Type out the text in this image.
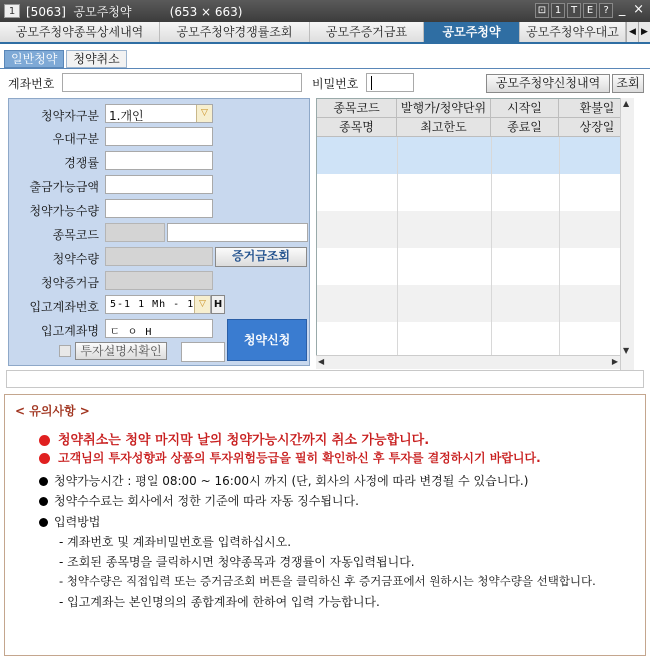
1 [5063]  공모주청약          (653 × 663)	⊡ 1 T E	? _ ×
공모주청약종목상세내역	공모주청약경쟁률조회	공모주증거금표	공모주청약	공모주청약우대고	◀ ▶
일반청약	청약취소
계좌번호	비밀번호	공모주청약신청내역	조회
청약자구분 1.개인	▽
우대구분
경쟁률
출금가능금액
청약가능수량
종목코드
청약수량	증거금조회
청약증거금
입고계좌번호 5-1 1 Mh - 1 ▽ H
입고계좌명 ㄷ ㅇ H
청약신청
투자설명서확인
종목코드	발행가/청약단위	시작일	환불일
종목명	최고한도	종료일	상장일
▲
▼
◀	▶
< 유의사항 >
청약취소는 청약 마지막 날의 청약가능시간까지 취소 가능합니다.
고객님의 투자성향과 상품의 투자위험등급을 필히 확인하신 후 투자를 결정하시기 바랍니다.
청약가능시간 : 평일 08:00 ~ 16:00시 까지 (단, 회사의 사정에 따라 변경될 수 있습니다.)
청약수수료는 회사에서 정한 기준에 따라 자동 징수됩니다.
입력방법
- 계좌번호 및 계좌비밀번호를 입력하십시오.
- 조회된 종목명을 클릭하시면 청약종목과 경쟁률이 자동입력됩니다.
- 청약수량은 직접입력 또는 증거금조회 버튼을 클릭하신 후 증거금표에서 원하시는 청약수량을 선택합니다.
- 입고계좌는 본인명의의 종합계좌에 한하여 입력 가능합니다.
